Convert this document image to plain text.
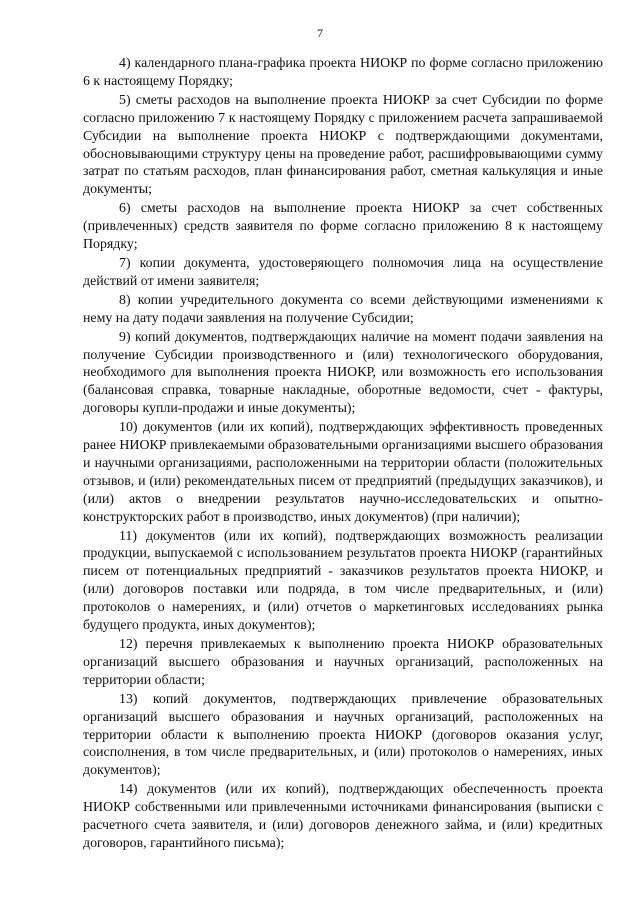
7

4) календарного плана-графика проекта НИОКР по форме согласно приложению 6 к настоящему Порядку;

5) сметы расходов на выполнение проекта НИОКР за счет Субсидии по форме согласно приложению 7 к настоящему Порядку с приложением расчета запрашиваемой Субсидии на выполнение проекта НИОКР с подтверждающими документами, обосновывающими структуру цены на проведение работ, расшифровывающими сумму затрат по статьям расходов, план финансирования работ, сметная калькуляция и иные документы;

6) сметы расходов на выполнение проекта НИОКР за счет собственных (привлеченных) средств заявителя по форме согласно приложению 8 к настоящему Порядку;

7) копии документа, удостоверяющего полномочия лица на осуществление действий от имени заявителя;

8) копии учредительного документа со всеми действующими изменениями к нему на дату подачи заявления на получение Субсидии;

9) копий документов, подтверждающих наличие на момент подачи заявления на получение Субсидии производственного и (или) технологического оборудования, необходимого для выполнения проекта НИОКР, или возможность его использования (балансовая справка, товарные накладные, оборотные ведомости, счет - фактуры, договоры купли-продажи и иные документы);

10) документов (или их копий), подтверждающих эффективность проведенных ранее НИОКР привлекаемыми образовательными организациями высшего образования и научными организациями, расположенными на территории области (положительных отзывов, и (или) рекомендательных писем от предприятий (предыдущих заказчиков), и (или) актов о внедрении результатов научно-исследовательских и опытно-конструкторских работ в производство, иных документов) (при наличии);

11) документов (или их копий), подтверждающих возможность реализации продукции, выпускаемой с использованием результатов проекта НИОКР (гарантийных писем от потенциальных предприятий - заказчиков результатов проекта НИОКР, и (или) договоров поставки или подряда, в том числе предварительных, и (или) протоколов о намерениях, и (или) отчетов о маркетинговых исследованиях рынка будущего продукта, иных документов);

12) перечня привлекаемых к выполнению проекта НИОКР образовательных организаций высшего образования и научных организаций, расположенных на территории области;

13) копий документов, подтверждающих привлечение образовательных организаций высшего образования и научных организаций, расположенных на территории области к выполнению проекта НИОКР (договоров оказания услуг, соисполнения, в том числе предварительных, и (или) протоколов о намерениях, иных документов);

14) документов (или их копий), подтверждающих обеспеченность проекта НИОКР собственными или привлеченными источниками финансирования (выписки с расчетного счета заявителя, и (или) договоров денежного займа, и (или) кредитных договоров, гарантийного письма);
